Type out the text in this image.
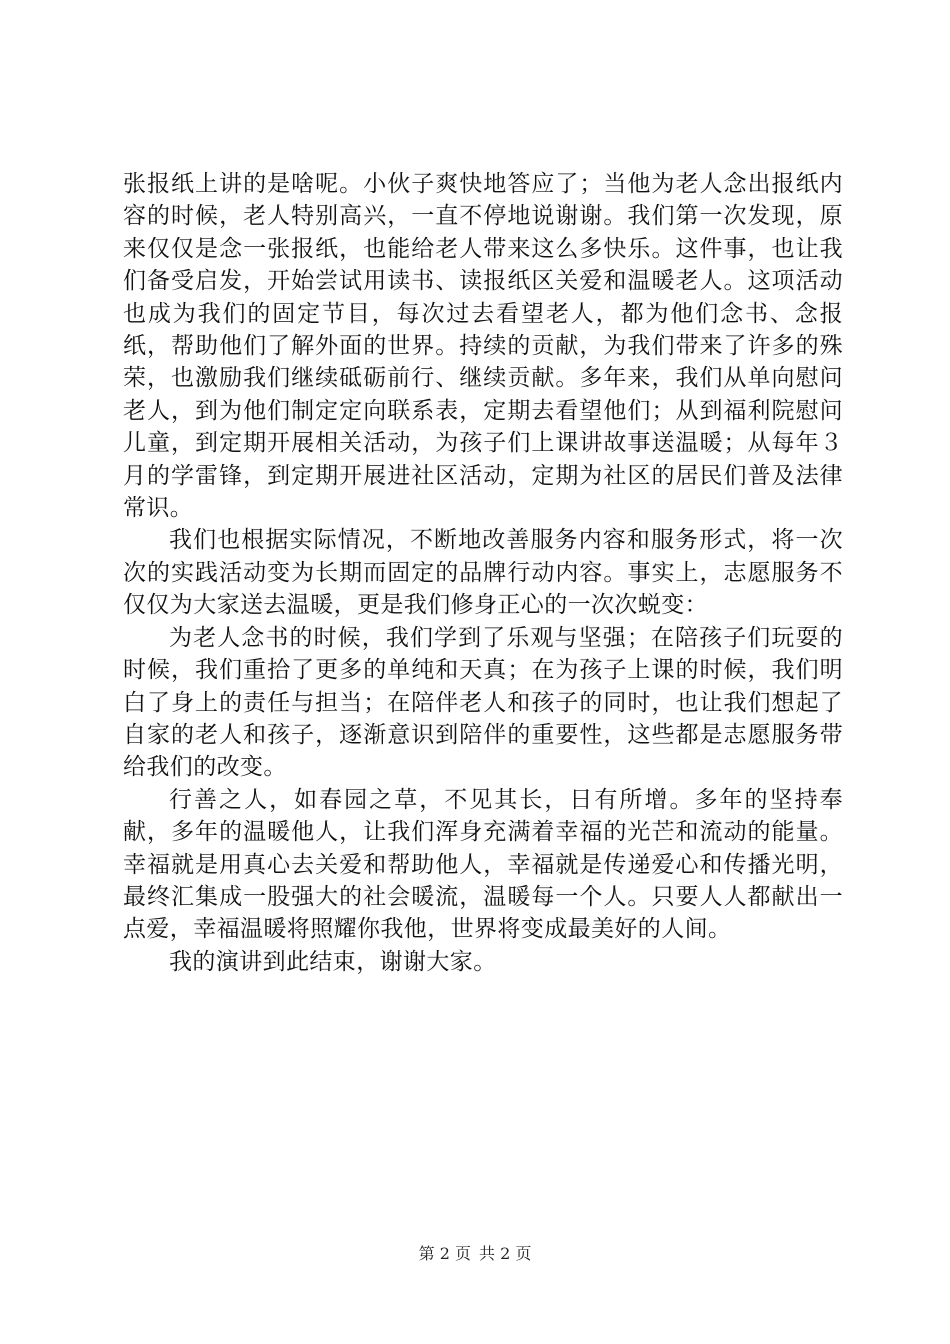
张报纸上讲的是啥呢。小伙子爽快地答应了；当他为老人念出报纸内容的时候，老人特别高兴，一直不停地说谢谢。我们第一次发现，原来仅仅是念一张报纸，也能给老人带来这么多快乐。这件事，也让我们备受启发，开始尝试用读书、读报纸区关爱和温暖老人。这项活动也成为我们的固定节目，每次过去看望老人，都为他们念书、念报纸，帮助他们了解外面的世界。持续的贡献，为我们带来了许多的殊荣，也激励我们继续砥砺前行、继续贡献。多年来，我们从单向慰问老人，到为他们制定定向联系表，定期去看望他们；从到福利院慰问儿童，到定期开展相关活动，为孩子们上课讲故事送温暖；从每年３月的学雷锋，到定期开展进社区活动，定期为社区的居民们普及法律常识。

我们也根据实际情况，不断地改善服务内容和服务形式，将一次次的实践活动变为长期而固定的品牌行动内容。事实上，志愿服务不仅仅为大家送去温暖，更是我们修身正心的一次次蜕变：

为老人念书的时候，我们学到了乐观与坚强；在陪孩子们玩耍的时候，我们重拾了更多的单纯和天真；在为孩子上课的时候，我们明白了身上的责任与担当；在陪伴老人和孩子的同时，也让我们想起了自家的老人和孩子，逐渐意识到陪伴的重要性，这些都是志愿服务带给我们的改变。

行善之人，如春园之草，不见其长，日有所增。多年的坚持奉献，多年的温暖他人，让我们浑身充满着幸福的光芒和流动的能量。幸福就是用真心去关爱和帮助他人，幸福就是传递爱心和传播光明，最终汇集成一股强大的社会暖流，温暖每一个人。只要人人都献出一点爱，幸福温暖将照耀你我他，世界将变成最美好的人间。

我的演讲到此结束，谢谢大家。

第 2 页 共 2 页
